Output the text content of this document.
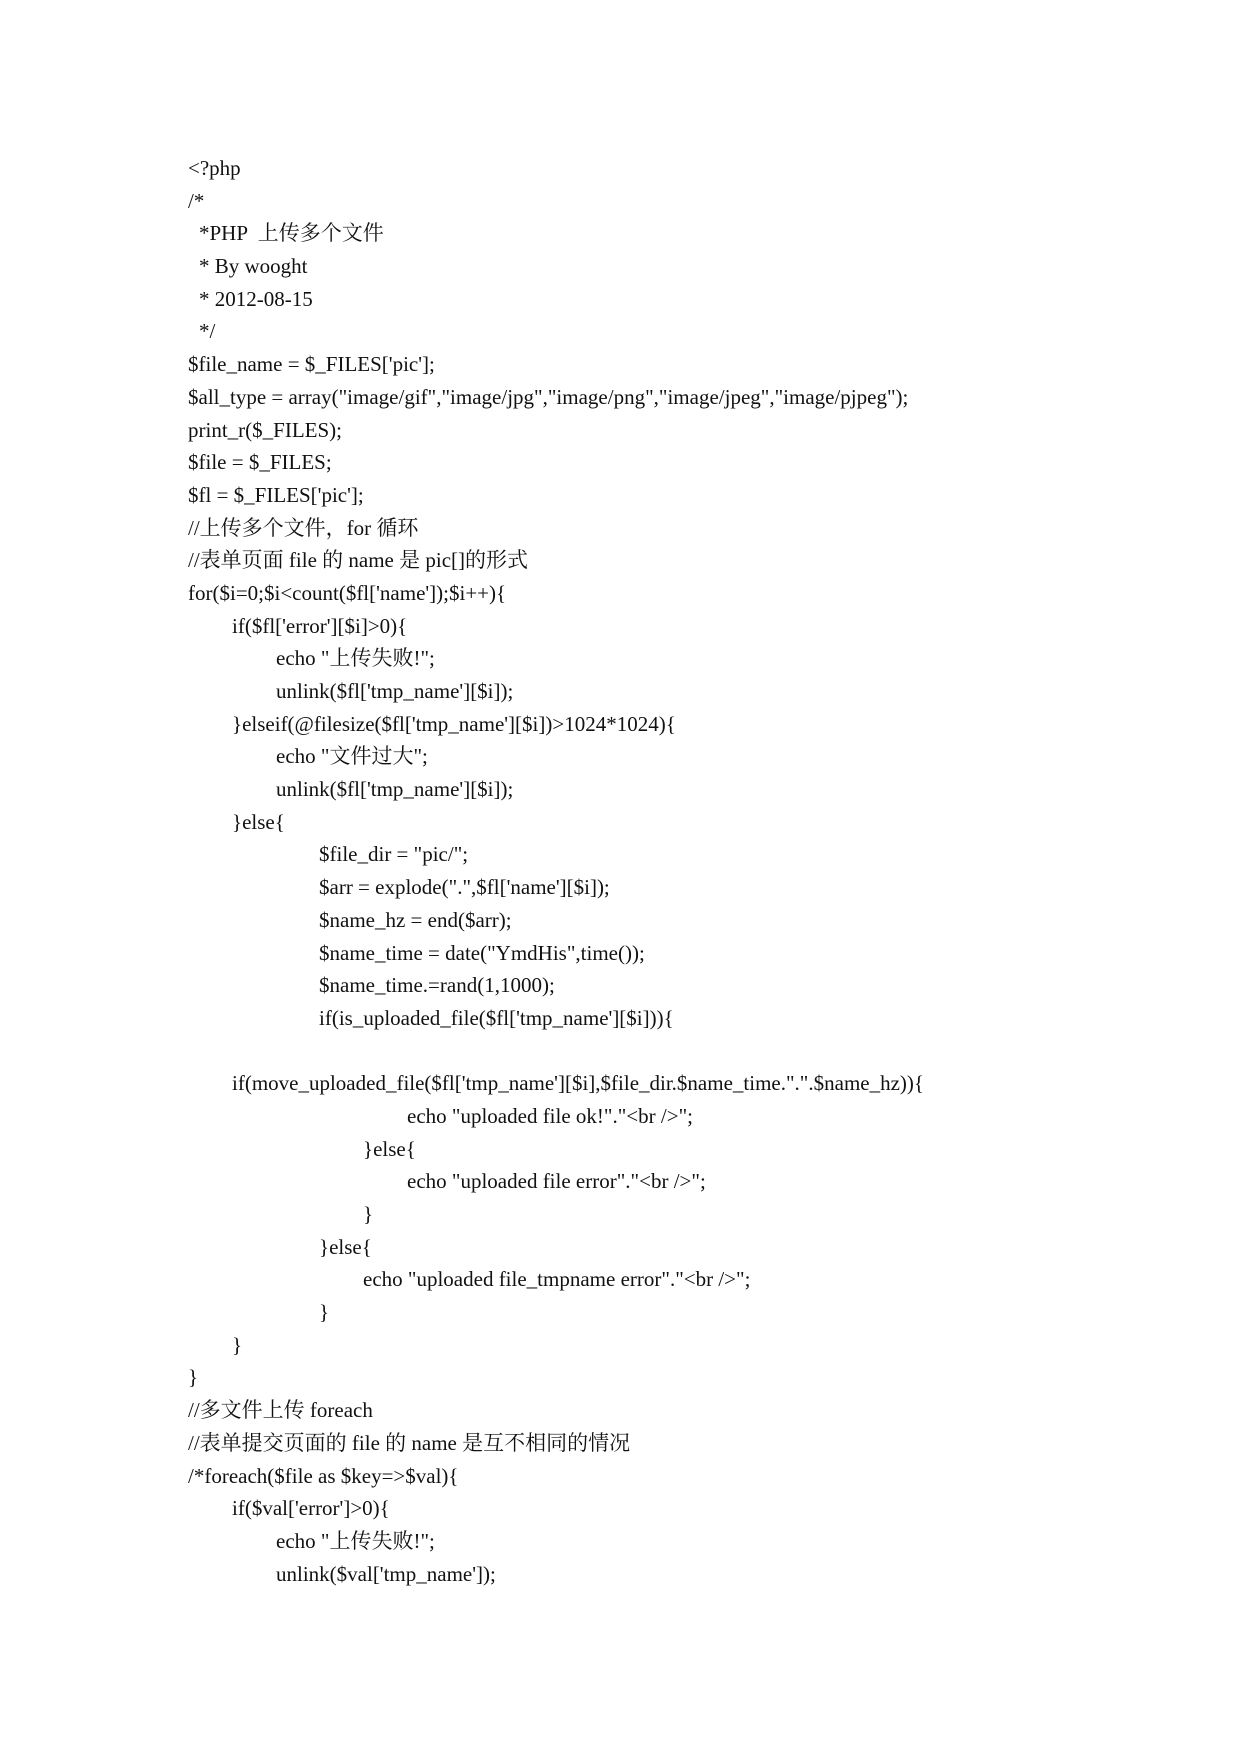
<?php
/*
*PHP  上传多个文件
* By wooght
* 2012-08-15
*/
$file_name = $_FILES['pic'];
$all_type = array("image/gif","image/jpg","image/png","image/jpeg","image/pjpeg");
print_r($_FILES);
$file = $_FILES;
$fl = $_FILES['pic'];
//上传多个文件，for 循环
//表单页面 file 的 name 是 pic[]的形式
for($i=0;$i<count($fl['name']);$i++){
if($fl['error'][$i]>0){
echo "上传失败!";
unlink($fl['tmp_name'][$i]);
}elseif(@filesize($fl['tmp_name'][$i])>1024*1024){
echo "文件过大";
unlink($fl['tmp_name'][$i]);
}else{
$file_dir = "pic/";
$arr = explode(".",$fl['name'][$i]);
$name_hz = end($arr);
$name_time = date("YmdHis",time());
$name_time.=rand(1,1000);
if(is_uploaded_file($fl['tmp_name'][$i])){
if(move_uploaded_file($fl['tmp_name'][$i],$file_dir.$name_time.".".$name_hz)){
echo "uploaded file ok!"."<br />";
}else{
echo "uploaded file error"."<br />";
}
}else{
echo "uploaded file_tmpname error"."<br />";
}
}
}
//多文件上传 foreach
//表单提交页面的 file 的 name 是互不相同的情况
/*foreach($file as $key=>$val){
if($val['error']>0){
echo "上传失败!";
unlink($val['tmp_name']);
